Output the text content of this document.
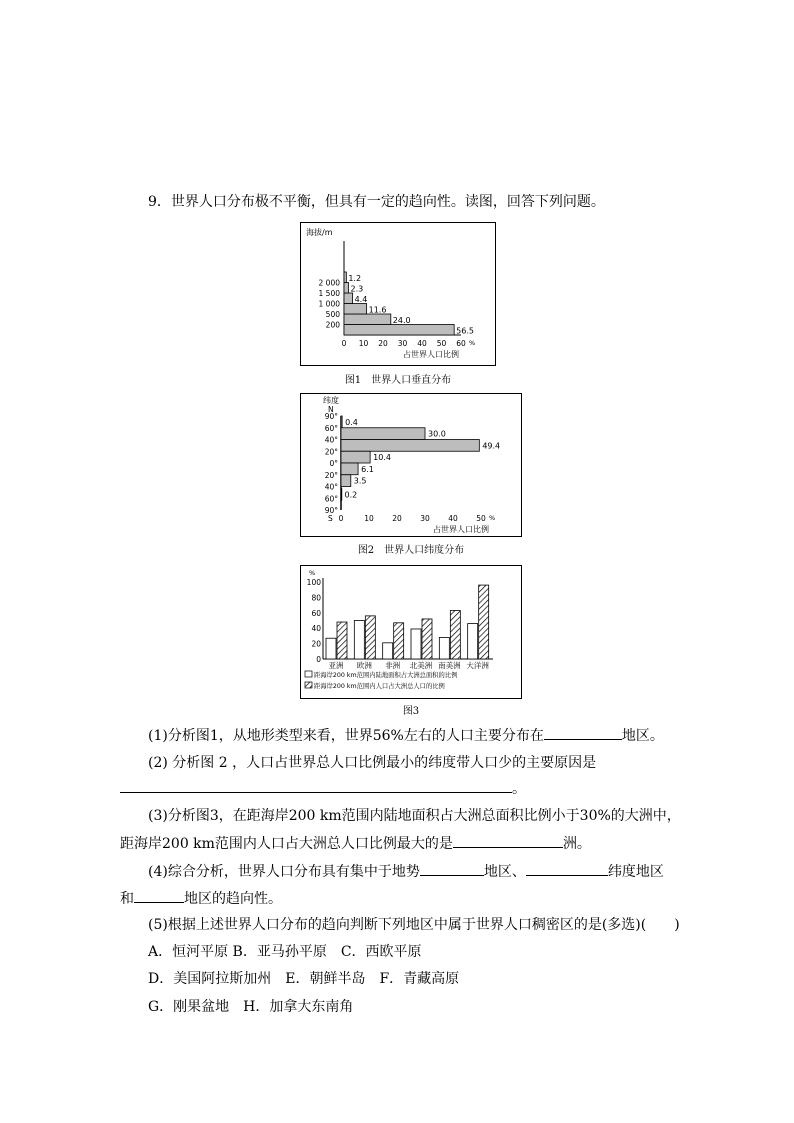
9．世界人口分布极不平衡，但具有一定的趋向性。读图，回答下列问题。
海拔/m
56.5
24.0
11.6
4.4
2.3
1.2
200
500
1 000
1 500
2 000
0 10 20 30 40 50 60 %
占世界人口比例
图1　世界人口垂直分布
纬度
N
S
90°
60°
40°
20°
0°
20°
40°
60°
90°
0.4
30.0
49.4
10.4
6.1
3.5
0.2
0	10 20 30 40 50 %
占世界人口比例
图2　世界人口纬度分布
%
0
20
40
60
80
100
亚洲 欧洲 非洲 北美洲 南美洲 大洋洲
距海岸200 km范围内陆地面积占大洲总面积的比例
距海岸200 km范围内人口占大洲总人口的比例
图3
(1)分析图1，从地形类型来看，世界56%左右的人口主要分布在	地区。
(2) 分析图 2 ，人口占世界总人口比例最小的纬度带人口少的主要原因是
。
(3)分析图3，在距海岸200 km范围内陆地面积占大洲总面积比例小于30%的大洲中，
距海岸200 km范围内人口占大洲总人口比例最大的是	洲。
(4)综合分析，世界人口分布具有集中于地势	地区、	纬度地区
和	地区的趋向性。
(5)根据上述世界人口分布的趋向判断下列地区中属于世界人口稠密区的是(多选)(　　)
A．恒河平原 B．亚马孙平原　C．西欧平原
D．美国阿拉斯加州　E．朝鲜半岛　F．青藏高原
G．刚果盆地　H．加拿大东南角
